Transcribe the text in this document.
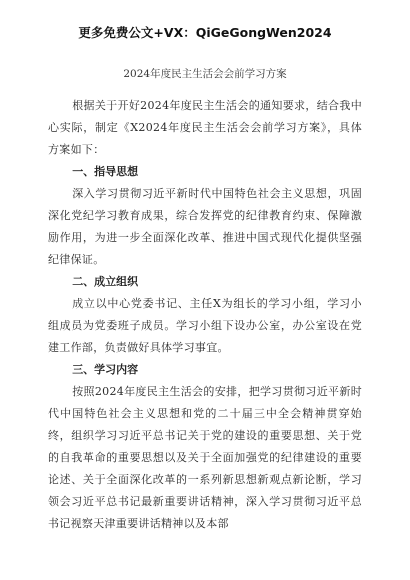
更多免费公文+VX：QiGeGongWen2024
2024年度民主生活会会前学习方案

根据关于开好2024年度民主生活会的通知要求，结合我中心实际，制定《X2024年度民主生活会会前学习方案》，具体方案如下：

一、指导思想

深入学习贯彻习近平新时代中国特色社会主义思想，巩固深化党纪学习教育成果，综合发挥党的纪律教育约束、保障激励作用，为进一步全面深化改革、推进中国式现代化提供坚强纪律保证。

二、成立组织

成立以中心党委书记、主任X为组长的学习小组，学习小组成员为党委班子成员。学习小组下设办公室，办公室设在党建工作部，负责做好具体学习事宜。

三、学习内容

按照2024年度民主生活会的安排，把学习贯彻习近平新时代中国特色社会主义思想和党的二十届三中全会精神贯穿始终，组织学习习近平总书记关于党的建设的重要思想、关于党的自我革命的重要思想以及关于全面加强党的纪律建设的重要论述、关于全面深化改革的一系列新思想新观点新论断，学习领会习近平总书记最新重要讲话精神，深入学习贯彻习近平总书记视察天津重要讲话精神以及本部
